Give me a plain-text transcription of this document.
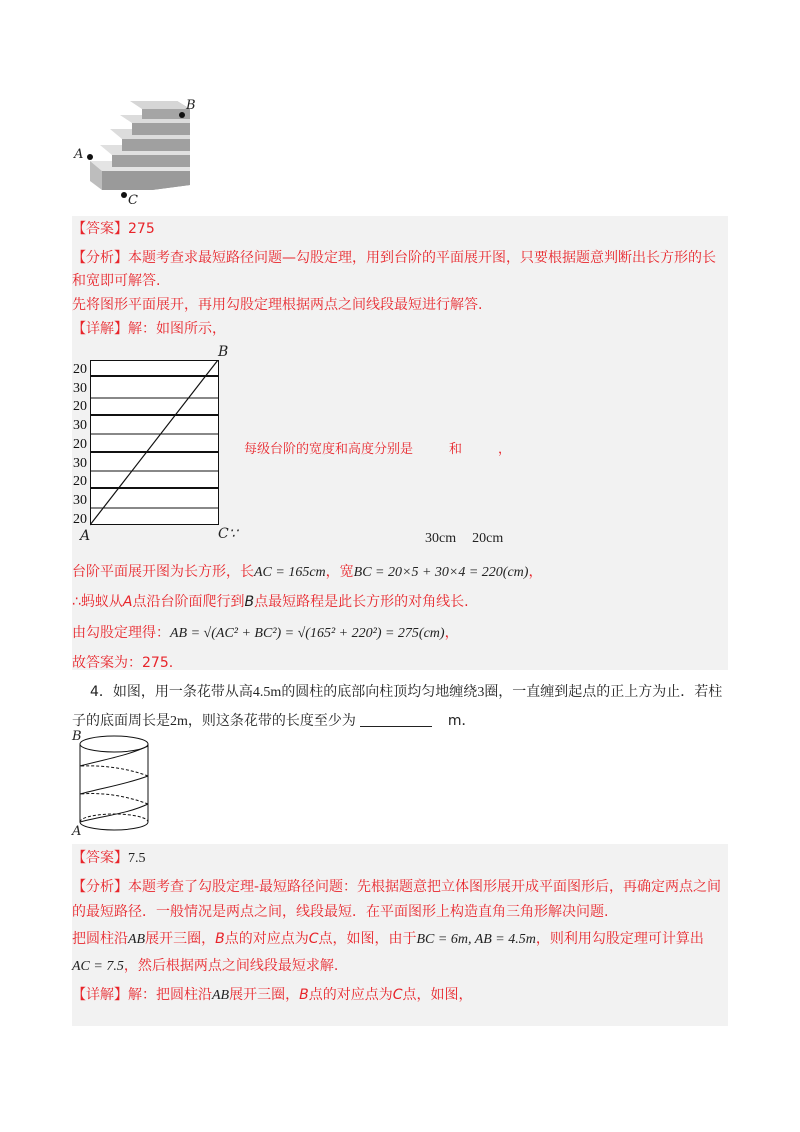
B
A
C
【答案】275
【分析】本题考查求最短路径问题—勾股定理，用到台阶的平面展开图，只要根据题意判断出长方形的长
和宽即可解答.
先将图形平面展开，再用勾股定理根据两点之间线段最短进行解答.
【详解】解：如图所示，
20
30
20
30
20
30
20
30
20
B
A	C∵
每级台阶的宽度和高度分别是	和	，
30cm 20cm
台阶平面展开图为长方形，长AC = 165cm，宽BC = 20×5 + 30×4 = 220(cm)，
∴蚂蚁从A点沿台阶面爬行到B点最短路程是此长方形的对角线长.
由勾股定理得：AB = √(AC² + BC²) = √(165² + 220²) = 275(cm)，
故答案为：275.
4．如图，用一条花带从高4.5m的圆柱的底部向柱顶均匀地缠绕3圈，一直缠到起点的正上方为止．若柱
子的底面周长是2m，则这条花带的长度至少为	m．
B
A
【答案】7.5
【分析】本题考查了勾股定理-最短路径问题：先根据题意把立体图形展开成平面图形后，再确定两点之间
的最短路径．一般情况是两点之间，线段最短．在平面图形上构造直角三角形解决问题.
把圆柱沿AB展开三圈，B点的对应点为C点，如图，由于BC = 6m, AB = 4.5m，则利用勾股定理可计算出
AC = 7.5，然后根据两点之间线段最短求解.
【详解】解：把圆柱沿AB展开三圈，B点的对应点为C点，如图，
